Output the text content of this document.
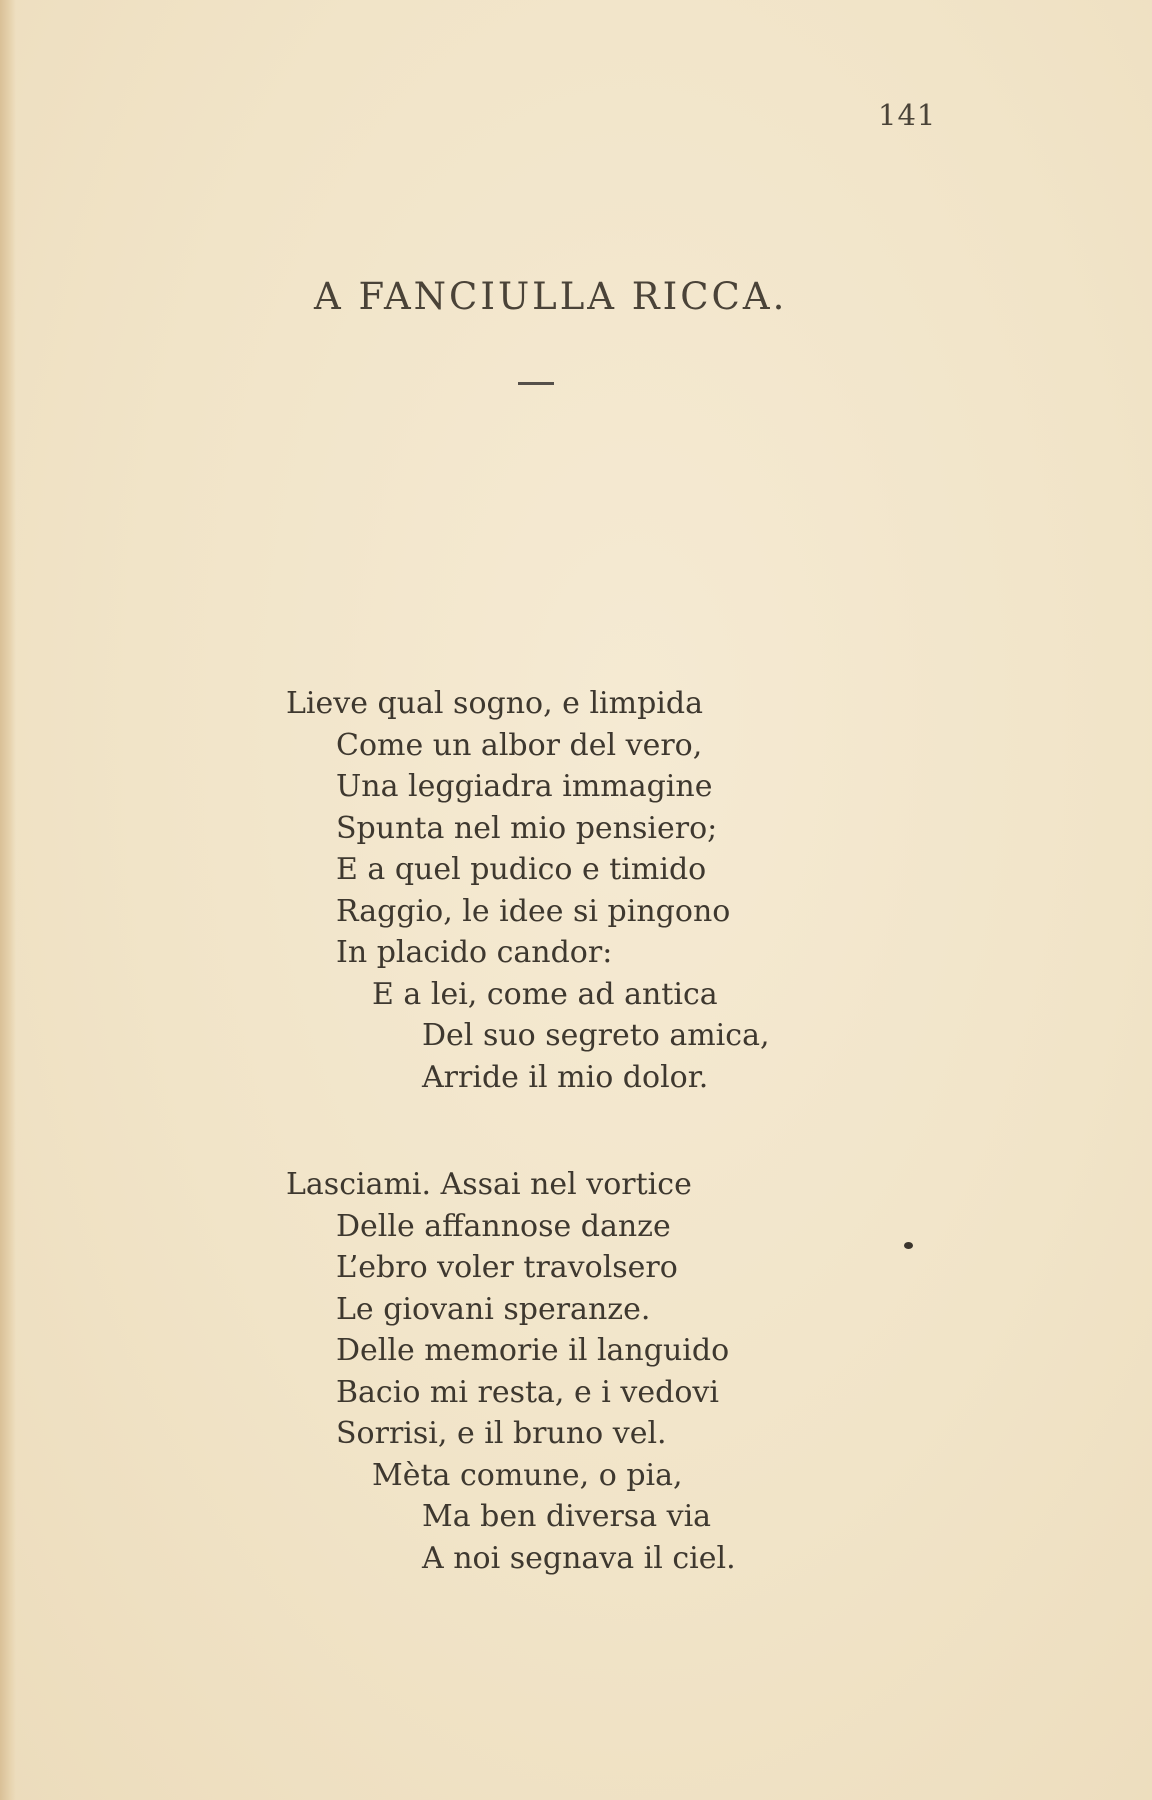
141
A FANCIULLA RICCA.
Lieve qual sogno, e limpida
Come un albor del vero,
Una leggiadra immagine
Spunta nel mio pensiero;
E a quel pudico e timido
Raggio, le idee si pingono
In placido candor:
E a lei, come ad antica
Del suo segreto amica,
Arride il mio dolor.
Lasciami. Assai nel vortice
Delle affannose danze
L’ebro voler travolsero
Le giovani speranze.
Delle memorie il languido
Bacio mi resta, e i vedovi
Sorrisi, e il bruno vel.
Mèta comune, o pia,
Ma ben diversa via
A noi segnava il ciel.
